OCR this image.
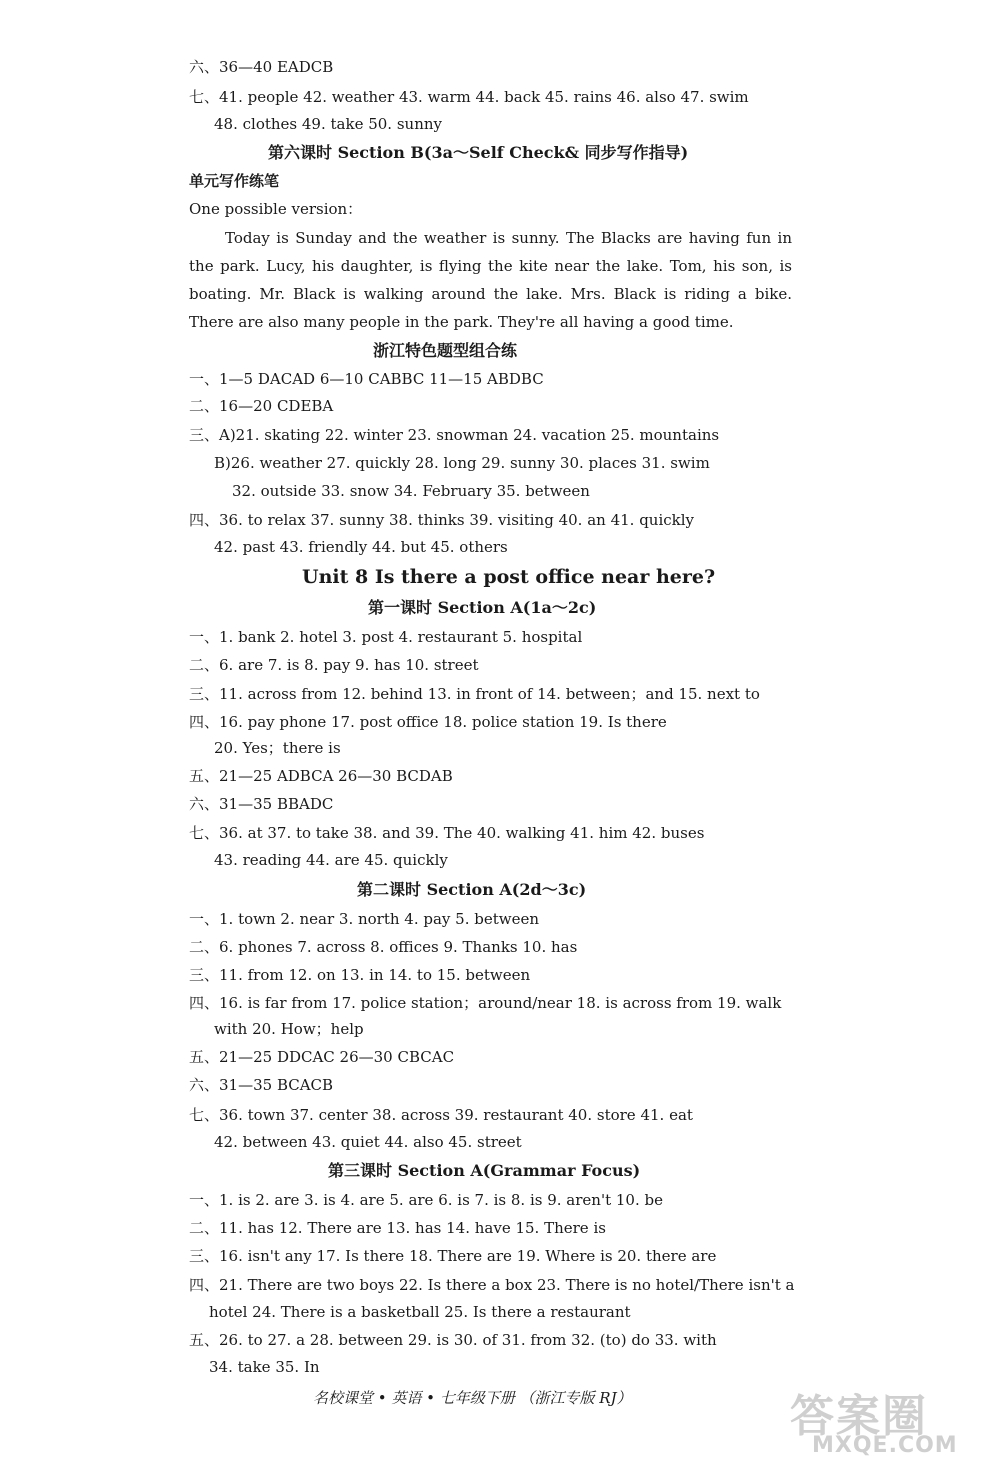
六、36—40 EADCB
七、41. people 42. weather 43. warm 44. back 45. rains 46. also 47. swim
48. clothes 49. take 50. sunny
第六课时 Section B(3a～Self Check& 同步写作指导)
单元写作练笔
One possible version：
Today is Sunday and the weather is sunny. The Blacks are having fun in the park. Lucy, his daughter, is flying the kite near the lake. Tom, his son, is boating. Mr. Black is walking around the lake. Mrs. Black is riding a bike. There are also many people in the park. They're all having a good time.
浙江特色题型组合练
一、1—5 DACAD 6—10 CABBC 11—15 ABDBC
二、16—20 CDEBA
三、A)21. skating 22. winter 23. snowman 24. vacation 25. mountains
B)26. weather 27. quickly 28. long 29. sunny 30. places 31. swim
32. outside 33. snow 34. February 35. between
四、36. to relax 37. sunny 38. thinks 39. visiting 40. an 41. quickly
42. past 43. friendly 44. but 45. others
Unit 8 Is there a post office near here?
第一课时 Section A(1a～2c)
一、1. bank 2. hotel 3. post 4. restaurant 5. hospital
二、6. are 7. is 8. pay 9. has 10. street
三、11. across from 12. behind 13. in front of 14. between；and 15. next to
四、16. pay phone 17. post office 18. police station 19. Is there
20. Yes；there is
五、21—25 ADBCA 26—30 BCDAB
六、31—35 BBADC
七、36. at 37. to take 38. and 39. The 40. walking 41. him 42. buses
43. reading 44. are 45. quickly
第二课时 Section A(2d～3c)
一、1. town 2. near 3. north 4. pay 5. between
二、6. phones 7. across 8. offices 9. Thanks 10. has
三、11. from 12. on 13. in 14. to 15. between
四、16. is far from 17. police station；around/near 18. is across from 19. walk
with 20. How；help
五、21—25 DDCAC 26—30 CBCAC
六、31—35 BCACB
七、36. town 37. center 38. across 39. restaurant 40. store 41. eat
42. between 43. quiet 44. also 45. street
第三课时 Section A(Grammar Focus)
一、1. is 2. are 3. is 4. are 5. are 6. is 7. is 8. is 9. aren't 10. be
二、11. has 12. There are 13. has 14. have 15. There is
三、16. isn't any 17. Is there 18. There are 19. Where is 20. there are
四、21. There are two boys 22. Is there a box 23. There is no hotel/There isn't a
hotel 24. There is a basketball 25. Is there a restaurant
五、26. to 27. a 28. between 29. is 30. of 31. from 32. (to) do 33. with
34. take 35. In
名校课堂 • 英语 • 七年级下册 （浙江专版 RJ）	答案圈
MXQE.COM
